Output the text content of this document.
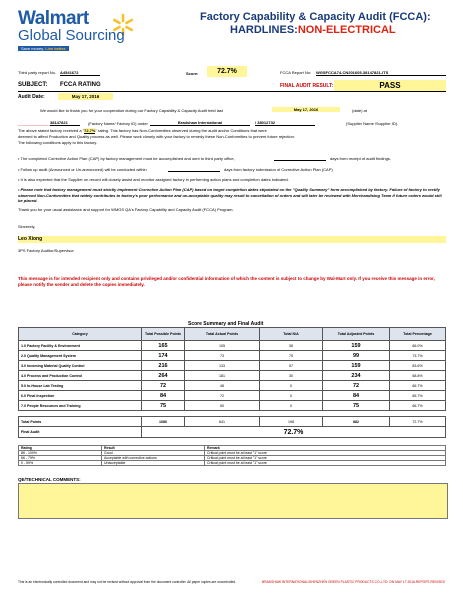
Walmart
Global Sourcing
Save money. Live better.
Factory Capability & Capacity Audit (FCCA):
HARDLINES:NON-ELECTRICAL
Third party report No. A4541672	Score:	72.7%	FCCA Report No: WGSFCCA74-CN201605-38147821-ITS
SUBJECT: FCCA RATING	FINAL AUDIT RESULT:	PASS
Audit Date:	May 17, 2016
We would like to thank you for your cooperation during our Factory Capability & Capacity Audit held last	May 17, 2016	(date) at
________________
38147821	(Factory Name/ Factory ID) under	Bradshaw International	/ 38012732	(Supplier Name /Supplier ID).
The above stated factory received a "72.7%" rating. This factory has Non-Conformities observed during the audit and/or Conditions that were
deemed to affect Production and Quality process as well. Please work closely with your factory to remedy these Non-Conformities to prevent future rejection.
The following conditions apply to this factory.
• The completed Corrective Action Plan (CAP) by factory management must be accomplished and sent to third party office,	days from receipt of audit findings.
• Follow up audit (Announced or Un-announced) will be conducted within	days from factory submission of Corrective Action Plan (CAP)
• It is also expected that the Supplier on record will closely assist and monitor assigned factory in performing action plans and completion dates indicated.
• Please note that factory management must strictly implement Corrective Action Plan (CAP) based on target completion dates stipulated on the "Quality Summary" form accomplished by factory. Failure of factory to rectify observed Non-Conformities that widely contributes to factory's poor performance and un-acceptable quality may result to cancellation of orders and will later be reviewed with Merchandising Team if future orders would still be placed.
Thank you for your usual assistance and support for WMGS QA's Factory Capability and Capacity Audit (FCCA) Program.
Sincerely,
Leo Xiong
3PS Factory Auditor/Supervisor
This message is for intended recipient only and contains privileged and/or confidential information of which the content is subject to change by Wal-Mart only. If you receive this message in error, please notify the sender and delete the copies immediately.
Score Summary and Final Audit
Category	Total Possible Points	Total Actual Points	Total N/A	Total Adjusted Points	Total Percentage
1.0 Factory Facility & Environment	165	105	36	159	66.0%
2.0 Quality Management System	174	73	75	99	73.7%
3.0 Incoming Material Quality Control	216	133	57	159	83.6%
4.0 Process and Production Control	264	181	30	234	68.8%
5.0 In-House Lab Testing	72	48	0	72	66.7%
6.0 Final Inspection	84	72	0	84	85.7%
7.0 People Resources and Training	75	50	0	75	66.7%

Total Points	1080	641	198	882	72.7%
Final Audit	72.7%				
Rating	Result	Remark
86 - 100%	Good	Critical point must be at least "1" score
66 - 79%	Acceptable with corrective actions	Critical point must be at least "1" score
0 - 59%	Unacceptable	Critical point must be at least "1" score
QE/TECHNICAL COMMENTS:
This is an electronically controlled document and may not be revised without approval from the document controller. All paper copies are uncontrolled.	BRADSHAW INTERNATIONAL/SHENZHEN GREEN PLASTIC PRODUCTS CO.,LTD. ON MAY 17 2016-REPORT-REVISED
